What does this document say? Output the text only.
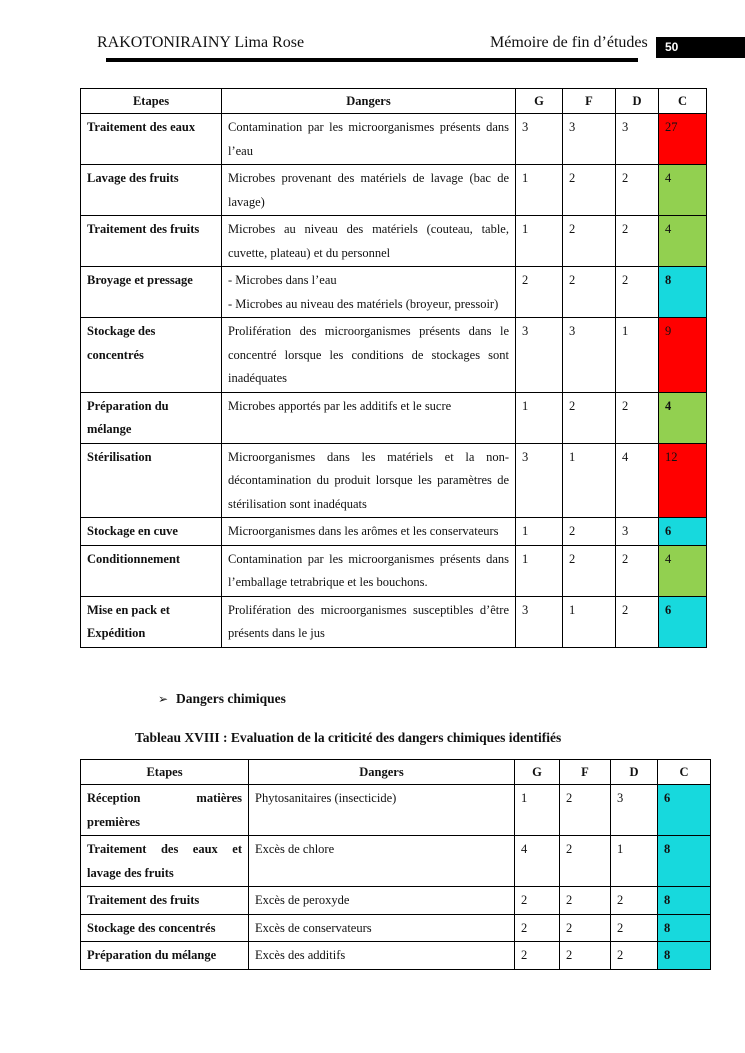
RAKOTONIRAINY Lima Rose	Mémoire de fin d’études	50
Etapes	Dangers	G	F	D	C
Traitement des eaux	Contamination par les microorganismes présents dans l’eau	3	3	3	27
Lavage des fruits	Microbes provenant des matériels de lavage (bac de lavage)	1	2	2	4
Traitement des fruits	Microbes au niveau des matériels (couteau, table, cuvette, plateau) et du personnel	1	2	2	4
Broyage et pressage	- Microbes dans l’eau
- Microbes au niveau des matériels (broyeur, pressoir)	2	2	2	8
Stockage des concentrés	Prolifération des microorganismes présents dans le concentré lorsque les conditions de stockages sont inadéquates	3	3	1	9
Préparation du mélange	Microbes apportés par les additifs et le sucre	1	2	2	4
Stérilisation	Microorganismes dans les matériels et la non-décontamination du produit lorsque les paramètres de stérilisation sont inadéquats	3	1	4	12
Stockage en cuve	Microorganismes dans les arômes et les conservateurs	1	2	3	6
Conditionnement	Contamination par les microorganismes présents dans l’emballage tetrabrique et les bouchons.	1	2	2	4
Mise en pack et Expédition	Prolifération des microorganismes susceptibles d’être présents dans le jus	3	1	2	6
➢ Dangers chimiques
Tableau XVIII : Evaluation de la criticité des dangers chimiques identifiés
Etapes	Dangers	G	F	D	C
Réception matières premières	Phytosanitaires (insecticide)	1	2	3	6
Traitement des eaux et lavage des fruits	Excès de chlore	4	2	1	8
Traitement des fruits	Excès de peroxyde	2	2	2	8
Stockage des concentrés	Excès de conservateurs	2	2	2	8
Préparation du mélange	Excès des additifs	2	2	2	8
